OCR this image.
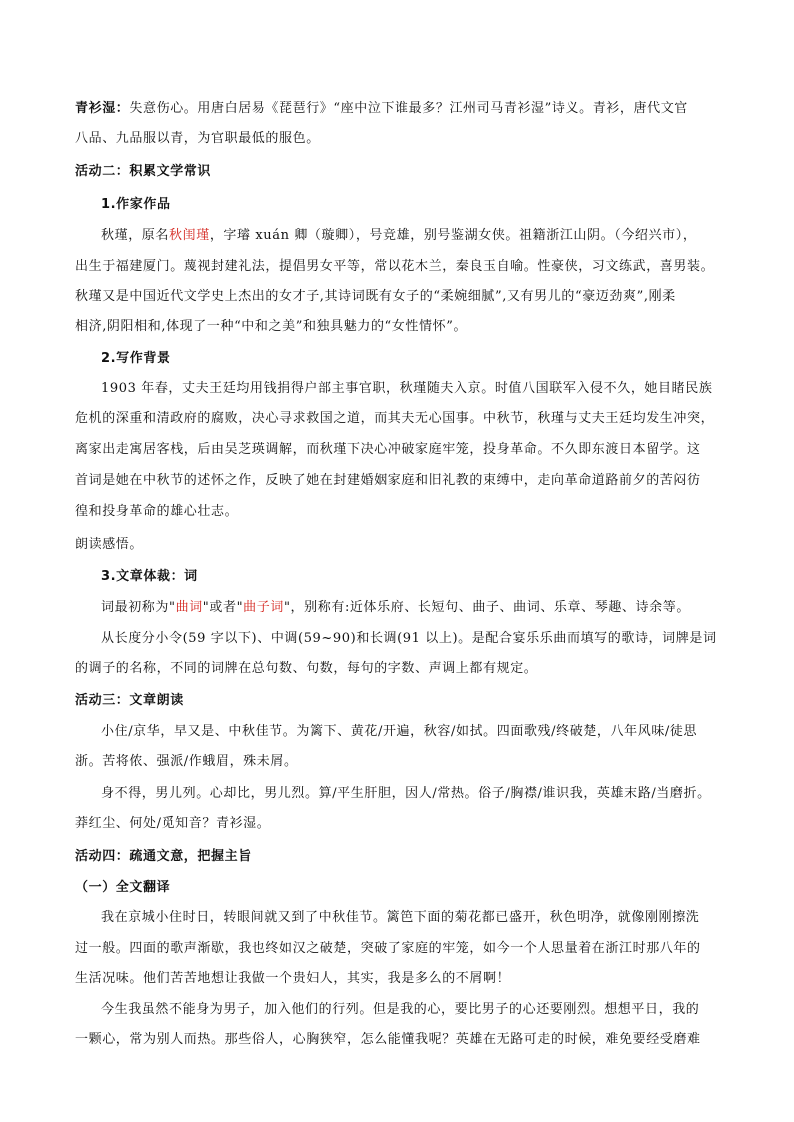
青衫湿：失意伤心。用唐白居易《琵琶行》“座中泣下谁最多？江州司马青衫湿”诗义。青衫，唐代文官
八品、九品服以青，为官职最低的服色。
活动二：积累文学常识
1.作家作品
秋瑾，原名秋闺瑾，字璿 xuán 卿（璇卿），号竞雄，别号鉴湖女侠。祖籍浙江山阴。（今绍兴市），
出生于福建厦门。蔑视封建礼法，提倡男女平等，常以花木兰，秦良玉自喻。性豪侠，习文练武，喜男装。
秋瑾又是中国近代文学史上杰出的女才子,其诗词既有女子的“柔婉细腻”,又有男儿的“豪迈劲爽”,刚柔
相济,阴阳相和,体现了一种“中和之美”和独具魅力的“女性情怀”。
2.写作背景
1903 年春，丈夫王廷均用钱捐得户部主事官职，秋瑾随夫入京。时值八国联军入侵不久，她目睹民族
危机的深重和清政府的腐败，决心寻求救国之道，而其夫无心国事。中秋节，秋瑾与丈夫王廷均发生冲突，
离家出走寓居客栈，后由吴芝瑛调解，而秋瑾下决心冲破家庭牢笼，投身革命。不久即东渡日本留学。这
首词是她在中秋节的述怀之作，反映了她在封建婚姻家庭和旧礼教的束缚中，走向革命道路前夕的苦闷彷
徨和投身革命的雄心壮志。
朗读感悟。
3.文章体裁：词
词最初称为"曲词"或者"曲子词"，别称有:近体乐府、长短句、曲子、曲词、乐章、琴趣、诗余等。
从长度分小令(59 字以下)、中调(59~90)和长调(91 以上)。是配合宴乐乐曲而填写的歌诗，词牌是词
的调子的名称，不同的词牌在总句数、句数，每句的字数、声调上都有规定。
活动三：文章朗读
小住/京华，早又是、中秋佳节。为篱下、黄花/开遍，秋容/如拭。四面歌残/终破楚，八年风味/徒思
浙。苦将侬、强派/作蛾眉，殊未屑。
身不得，男儿列。心却比，男儿烈。算/平生肝胆，因人/常热。俗子/胸襟/谁识我，英雄末路/当磨折。
莽红尘、何处/觅知音？青衫湿。
活动四：疏通文意，把握主旨
（一）全文翻译
我在京城小住时日，转眼间就又到了中秋佳节。篱笆下面的菊花都已盛开，秋色明净，就像刚刚擦洗
过一般。四面的歌声渐歇，我也终如汉之破楚，突破了家庭的牢笼，如今一个人思量着在浙江时那八年的
生活况味。他们苦苦地想让我做一个贵妇人，其实，我是多么的不屑啊！
今生我虽然不能身为男子，加入他们的行列。但是我的心，要比男子的心还要刚烈。想想平日，我的
一颗心，常为别人而热。那些俗人，心胸狭窄，怎么能懂我呢？英雄在无路可走的时候，难免要经受磨难
